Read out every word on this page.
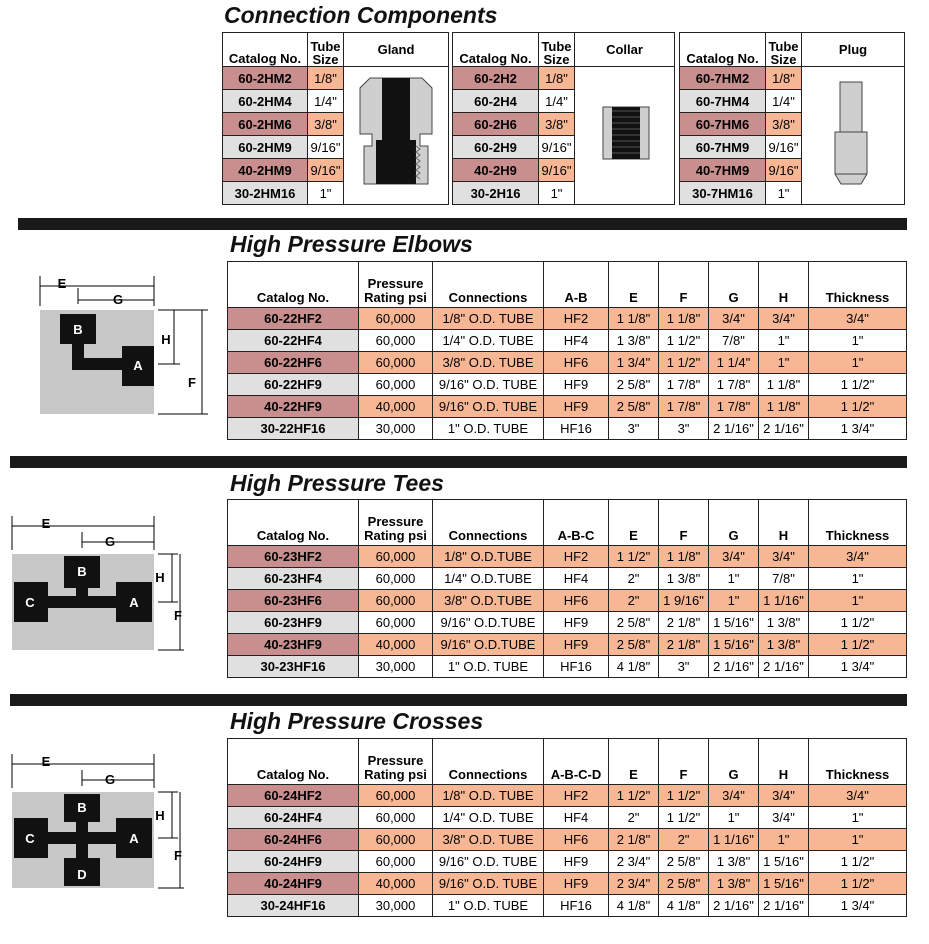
Connection Components
Catalog No.	Tube Size	Gland
60-2HM2	1/8"	
60-2HM4	1/4"	
60-2HM6	3/8"	
60-2HM9	9/16"	
40-2HM9	9/16"	
30-2HM16	1"	
Catalog No.	Tube Size	Collar
60-2H2	1/8"	
60-2H4	1/4"	
60-2H6	3/8"	
60-2H9	9/16"	
40-2H9	9/16"	
30-2H16	1"	
Catalog No.	Tube Size	Plug
60-7HM2	1/8"	
60-7HM4	1/4"	
60-7HM6	3/8"	
60-7HM9	9/16"	
40-7HM9	9/16"	
30-7HM16	1"	
High Pressure Elbows
E
G
B
A
H
F
Catalog No.	Pressure Rating psi	Connections	A-B	E	F	G	H	Thickness
60-22HF2	60,000	1/8" O.D. TUBE	HF2	1 1/8"	1 1/8"	3/4"	3/4"	3/4"
60-22HF4	60,000	1/4" O.D. TUBE	HF4	1 3/8"	1 1/2"	7/8"	1"	1"
60-22HF6	60,000	3/8" O.D. TUBE	HF6	1 3/4"	1 1/2"	1 1/4"	1"	1"
60-22HF9	60,000	9/16" O.D. TUBE	HF9	2 5/8"	1 7/8"	1 7/8"	1 1/8"	1 1/2"
40-22HF9	40,000	9/16" O.D. TUBE	HF9	2 5/8"	1 7/8"	1 7/8"	1 1/8"	1 1/2"
30-22HF16	30,000	1" O.D. TUBE	HF16	3"	3"	2 1/16"	2 1/16"	1 3/4"
High Pressure Tees
E
G
B
C	A
H
F
Catalog No.	Pressure Rating psi	Connections	A-B-C	E	F	G	H	Thickness
60-23HF2	60,000	1/8" O.D.TUBE	HF2	1 1/2"	1 1/8"	3/4"	3/4"	3/4"
60-23HF4	60,000	1/4" O.D.TUBE	HF4	2"	1 3/8"	1"	7/8"	1"
60-23HF6	60,000	3/8" O.D.TUBE	HF6	2"	1 9/16"	1"	1 1/16"	1"
60-23HF9	60,000	9/16" O.D.TUBE	HF9	2 5/8"	2 1/8"	1 5/16"	1 3/8"	1 1/2"
40-23HF9	40,000	9/16" O.D.TUBE	HF9	2 5/8"	2 1/8"	1 5/16"	1 3/8"	1 1/2"
30-23HF16	30,000	1" O.D. TUBE	HF16	4 1/8"	3"	2 1/16"	2 1/16"	1 3/4"
High Pressure Crosses
E
G
B
C	A
D
H
F
Catalog No.	Pressure Rating psi	Connections	A-B-C-D	E	F	G	H	Thickness
60-24HF2	60,000	1/8" O.D. TUBE	HF2	1 1/2"	1 1/2"	3/4"	3/4"	3/4"
60-24HF4	60,000	1/4" O.D. TUBE	HF4	2"	1 1/2"	1"	3/4"	1"
60-24HF6	60,000	3/8" O.D. TUBE	HF6	2 1/8"	2"	1 1/16"	1"	1"
60-24HF9	60,000	9/16" O.D. TUBE	HF9	2 3/4"	2 5/8"	1 3/8"	1 5/16"	1 1/2"
40-24HF9	40,000	9/16" O.D. TUBE	HF9	2 3/4"	2 5/8"	1 3/8"	1 5/16"	1 1/2"
30-24HF16	30,000	1" O.D. TUBE	HF16	4 1/8"	4 1/8"	2 1/16"	2 1/16"	1 3/4"
